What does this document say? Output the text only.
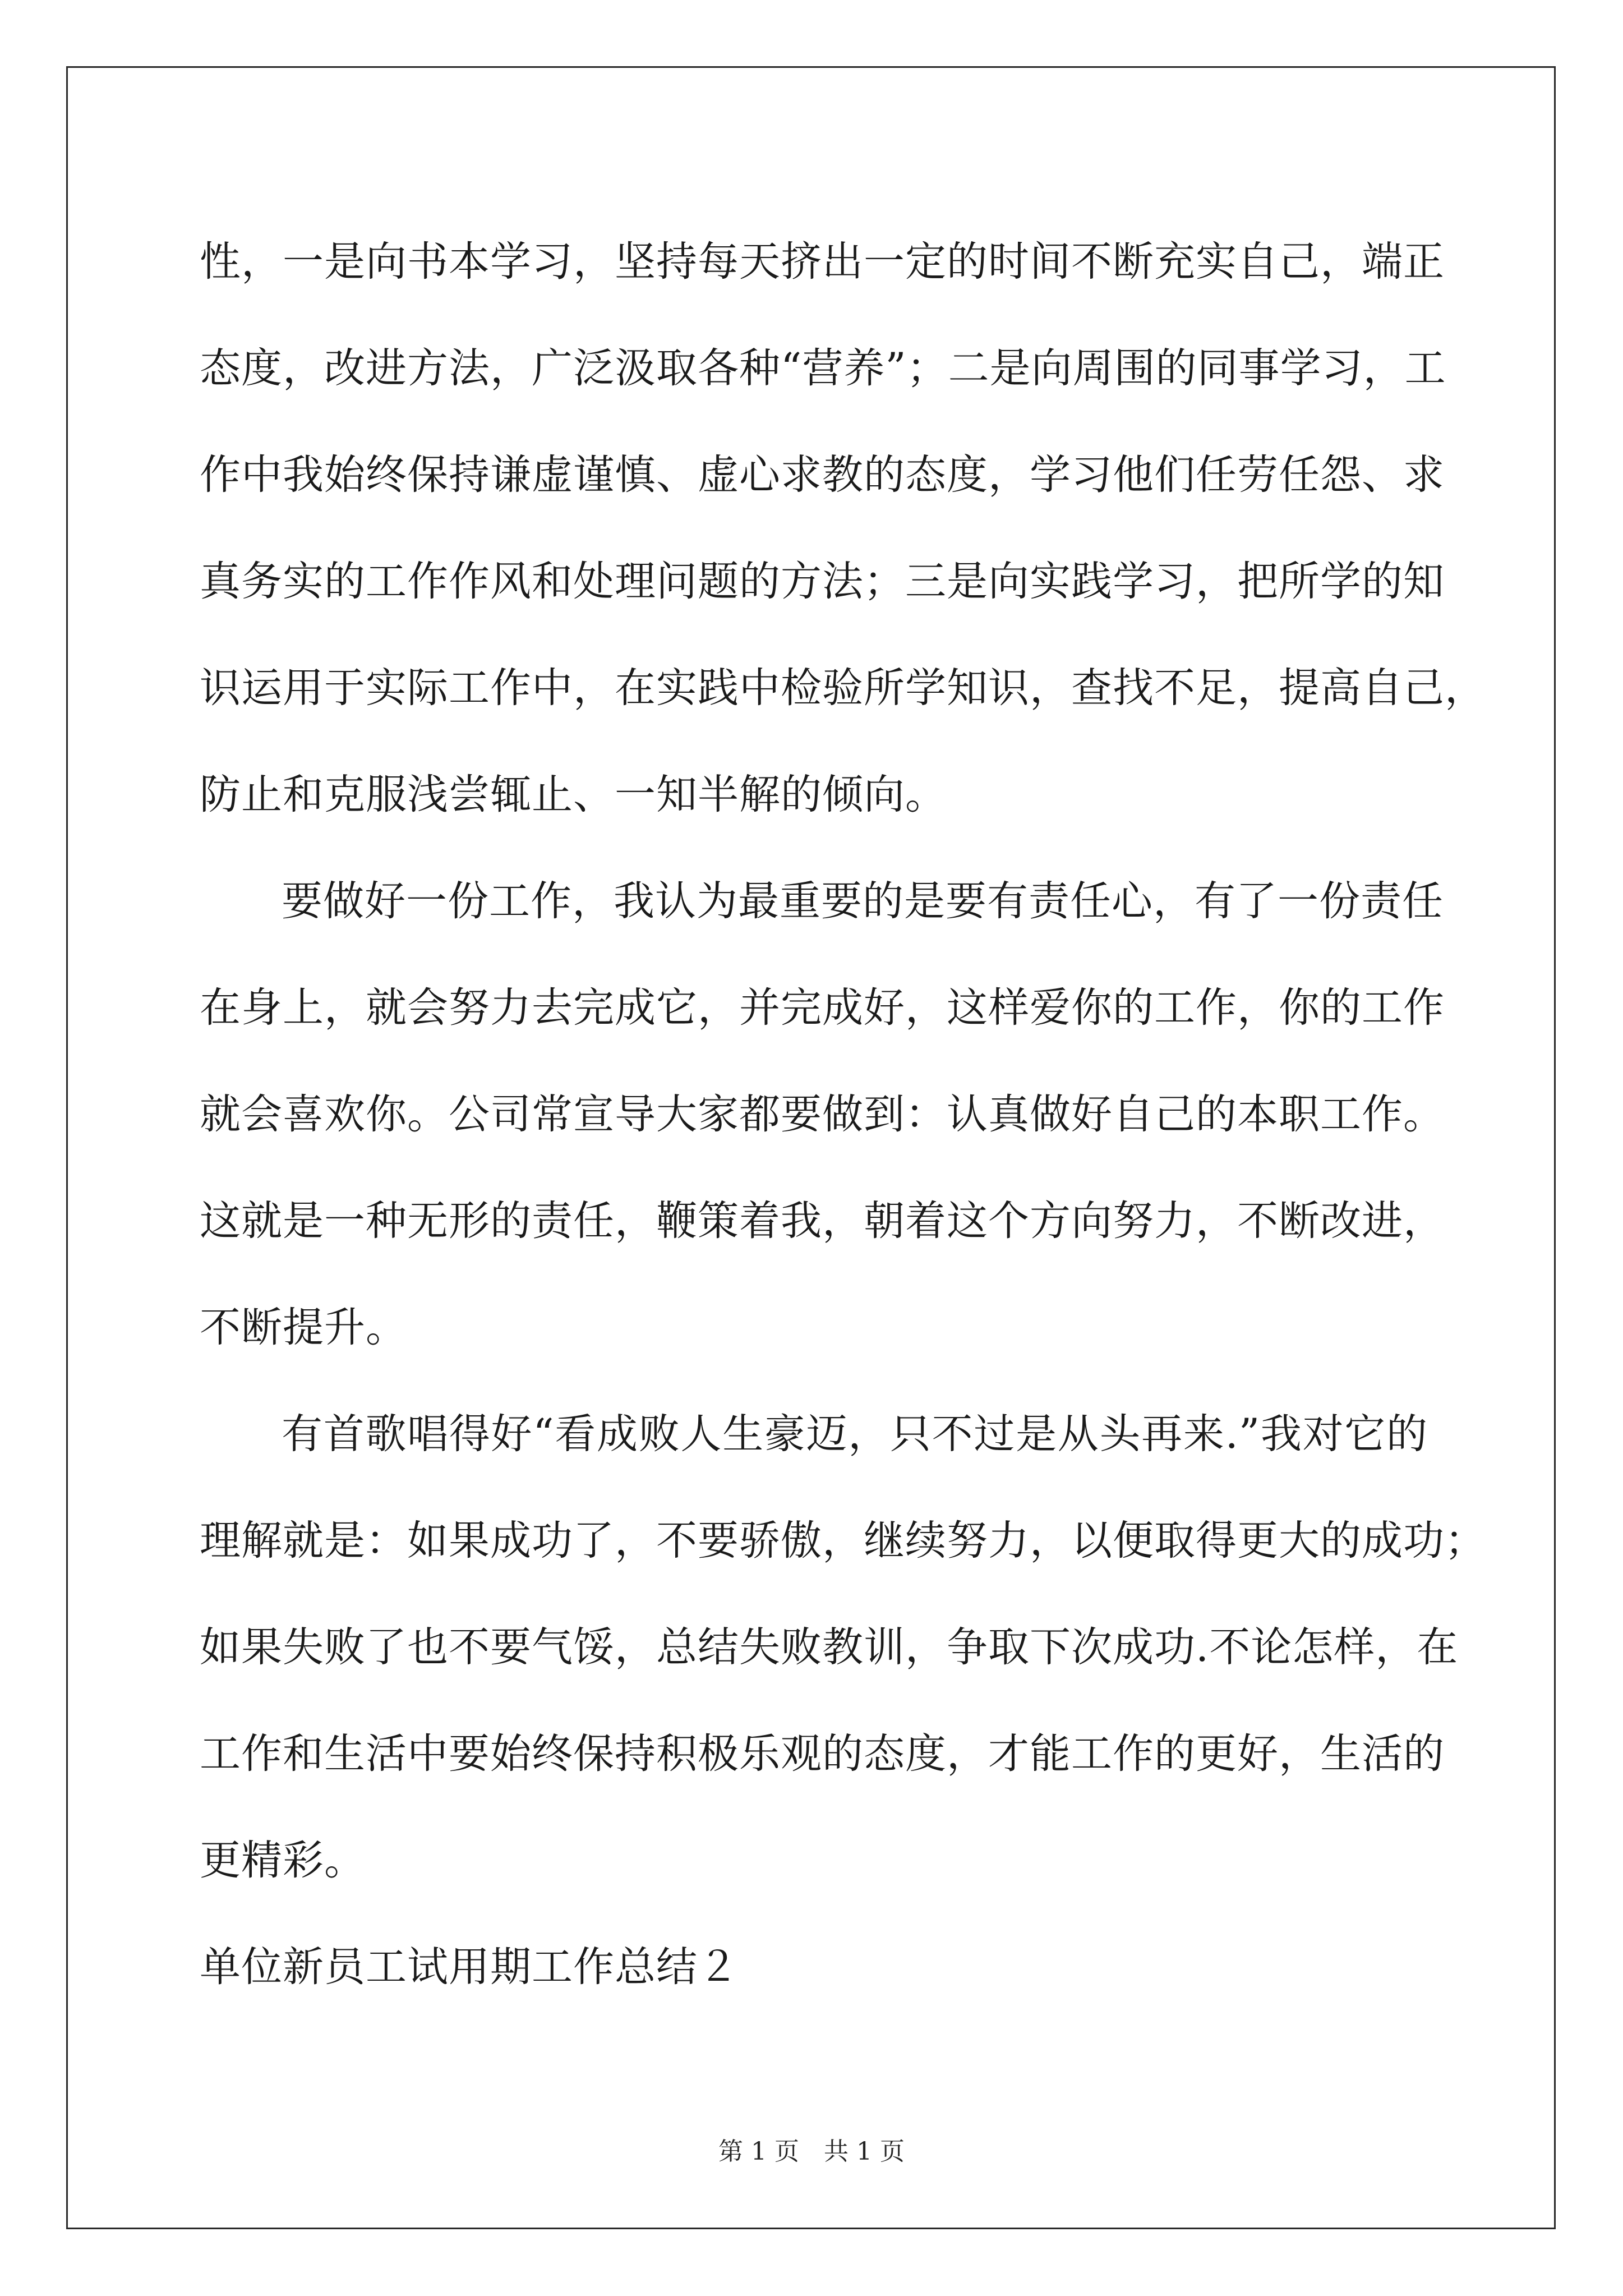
性，一是向书本学习，坚持每天挤出一定的时间不断充实自己，端正
态度，改进方法，广泛汲取各种“营养”；二是向周围的同事学习，工
作中我始终保持谦虚谨慎、虚心求教的态度，学习他们任劳任怨、求
真务实的工作作风和处理问题的方法；三是向实践学习，把所学的知
识运用于实际工作中，在实践中检验所学知识，查找不足，提高自己，
防止和克服浅尝辄止、一知半解的倾向。
要做好一份工作，我认为最重要的是要有责任心，有了一份责任
在身上，就会努力去完成它，并完成好，这样爱你的工作，你的工作
就会喜欢你。公司常宣导大家都要做到：认真做好自己的本职工作。
这就是一种无形的责任，鞭策着我，朝着这个方向努力，不断改进，
不断提升。
有首歌唱得好“看成败人生豪迈，只不过是从头再来.”我对它的
理解就是：如果成功了，不要骄傲，继续努力，以便取得更大的成功；
如果失败了也不要气馁，总结失败教训，争取下次成功.不论怎样，在
工作和生活中要始终保持积极乐观的态度，才能工作的更好，生活的
更精彩。
单位新员工试用期工作总结２
第 1 页　共 1 页
